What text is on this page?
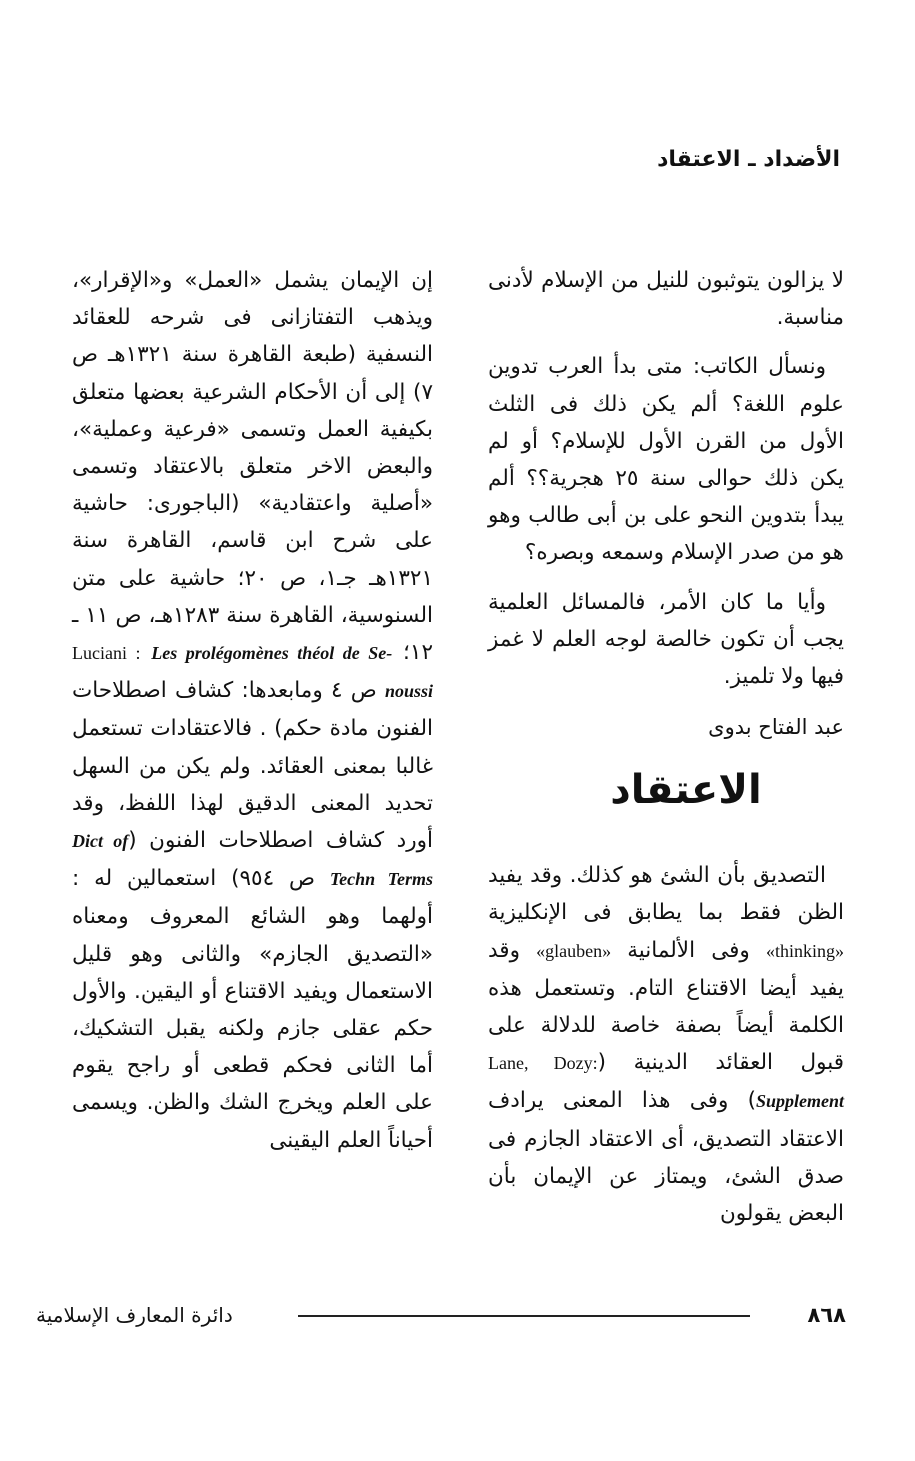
الأضداد ـ الاعتقاد

لا يزالون يتوثبون للنيل من الإسلام لأدنى مناسبة.

ونسأل الكاتب: متى بدأ العرب تدوين علوم اللغة؟ ألم يكن ذلك فى الثلث الأول من القرن الأول للإسلام؟ أو لم يكن ذلك حوالى سنة ٢٥ هجرية؟؟ ألم يبدأ بتدوين النحو على بن أبى طالب وهو هو من صدر الإسلام وسمعه وبصره؟

وأيا ما كان الأمر، فالمسائل العلمية يجب أن تكون خالصة لوجه العلم لا غمز فيها ولا تلميز.

عبد الفتاح بدوى
الاعتقاد

التصديق بأن الشئ هو كذلك. وقد يفيد الظن فقط بما يطابق فى الإنكليزية «thinking» وفى الألمانية «glauben» وقد يفيد أيضا الاقتناع التام. وتستعمل هذه الكلمة أيضاً بصفة خاصة للدلالة على قبول العقائد الدينية (Lane, Dozy: Supplement) وفى هذا المعنى يرادف الاعتقاد التصديق، أى الاعتقاد الجازم فى صدق الشئ، ويمتاز عن الإيمان بأن البعض يقولون

إن الإيمان يشمل «العمل» و«الإقرار»، ويذهب التفتازانى فى شرحه للعقائد النسفية (طبعة القاهرة سنة ١٣٢١هـ ص ٧) إلى أن الأحكام الشرعية بعضها متعلق بكيفية العمل وتسمى «فرعية وعملية»، والبعض الاخر متعلق بالاعتقاد وتسمى «أصلية واعتقادية» (الباجورى: حاشية على شرح ابن قاسم، القاهرة سنة ١٣٢١هـ جـ١، ص ٢٠؛ حاشية على متن السنوسية، القاهرة سنة ١٢٨٣هـ، ص ١١ ـ ١٢؛ Luciani : Les prolégomènes théol de Se- noussi ص ٤ ومابعدها: كشاف اصطلاحات الفنون مادة حكم) . فالاعتقادات تستعمل غالبا بمعنى العقائد. ولم يكن من السهل تحديد المعنى الدقيق لهذا اللفظ، وقد أورد كشاف اصطلاحات الفنون (Dict of Techn Terms ص ٩٥٤) استعمالين له : أولهما وهو الشائع المعروف ومعناه «التصديق الجازم» والثانى وهو قليل الاستعمال ويفيد الاقتناع أو اليقين. والأول حكم عقلى جازم ولكنه يقبل التشكيك، أما الثانى فحكم قطعى أو راجح يقوم على العلم ويخرج الشك والظن. ويسمى أحياناً العلم اليقينى

٨٦٨
دائرة المعارف الإسلامية
